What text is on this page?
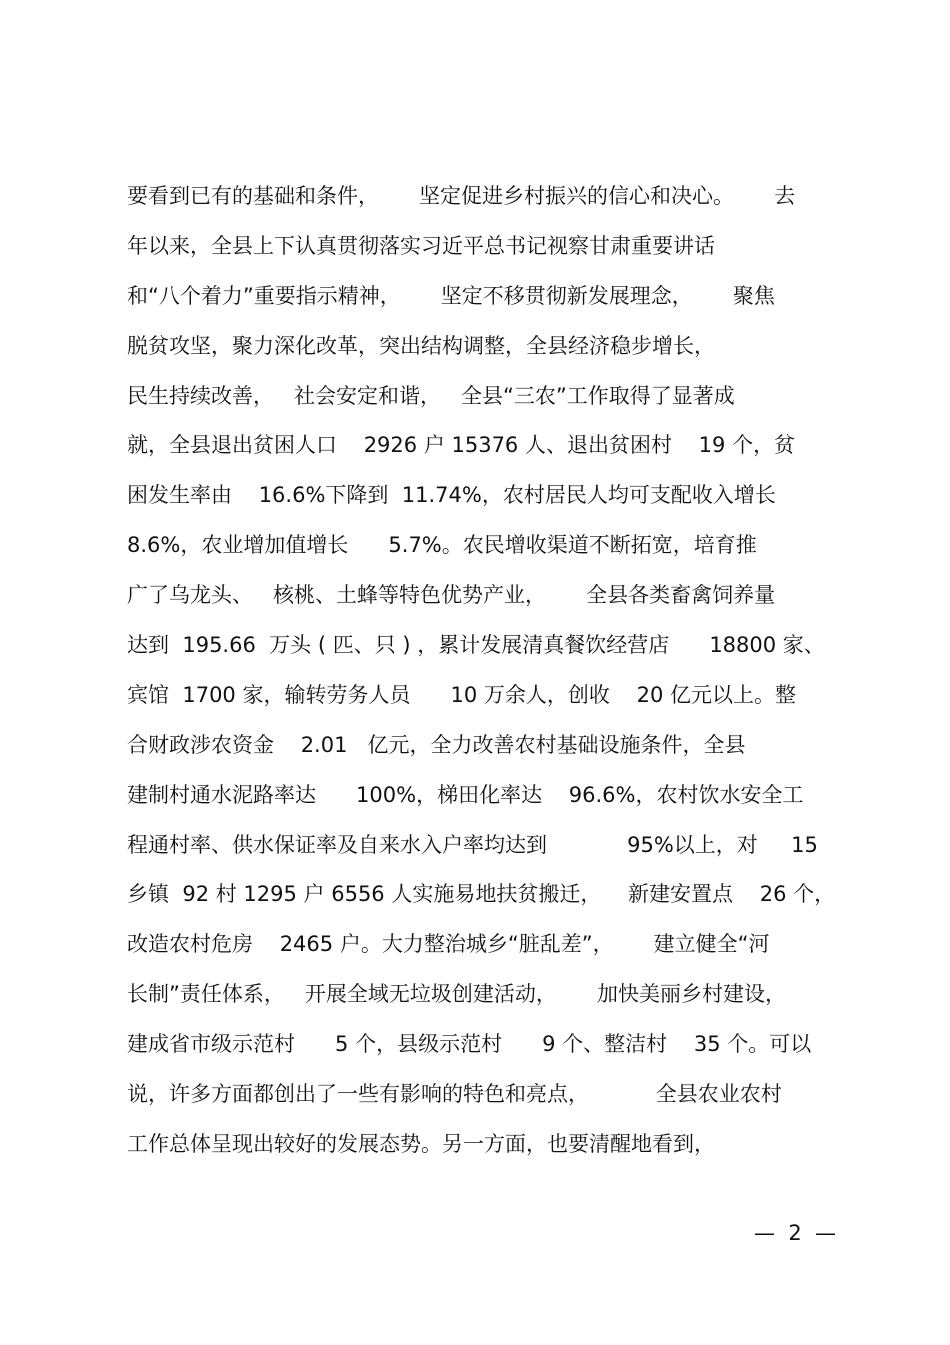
要看到已有的基础和条件，      坚定促进乡村振兴的信心和决心。      去
年以来，全县上下认真贯彻落实习近平总书记视察甘肃重要讲话
和“八个着力”重要指示精神，      坚定不移贯彻新发展理念，      聚焦
脱贫攻坚，聚力深化改革，突出结构调整，全县经济稳步增长，
民生持续改善，   社会安定和谐，   全县“三农”工作取得了显著成
就，全县退出贫困人口    2926 户 15376 人、退出贫困村    19 个，贫
困发生率由    16.6%下降到  11.74%，农村居民人均可支配收入增长
8.6%，农业增加值增长      5.7%。农民增收渠道不断拓宽，培育推
广了乌龙头、   核桃、土蜂等特色优势产业，      全县各类畜禽饲养量
达到  195.66  万头 ( 匹、只 ) ，累计发展清真餐饮经营店      18800 家、
宾馆  1700 家，输转劳务人员      10 万余人，创收    20 亿元以上。整
合财政涉农资金    2.01   亿元，全力改善农村基础设施条件，全县
建制村通水泥路率达      100%，梯田化率达    96.6%，农村饮水安全工
程通村率、供水保证率及自来水入户率均达到            95%以上，对     15
乡镇  92 村 1295 户 6556 人实施易地扶贫搬迁，    新建安置点    26 个，
改造农村危房    2465 户。大力整治城乡“脏乱差”，      建立健全“河
长制”责任体系，   开展全域无垃圾创建活动，      加快美丽乡村建设，
建成省市级示范村      5 个，县级示范村      9 个、整洁村    35 个。可以
说，许多方面都创出了一些有影响的特色和亮点，          全县农业农村
工作总体呈现出较好的发展态势。另一方面，也要清醒地看到，
—  2  —
